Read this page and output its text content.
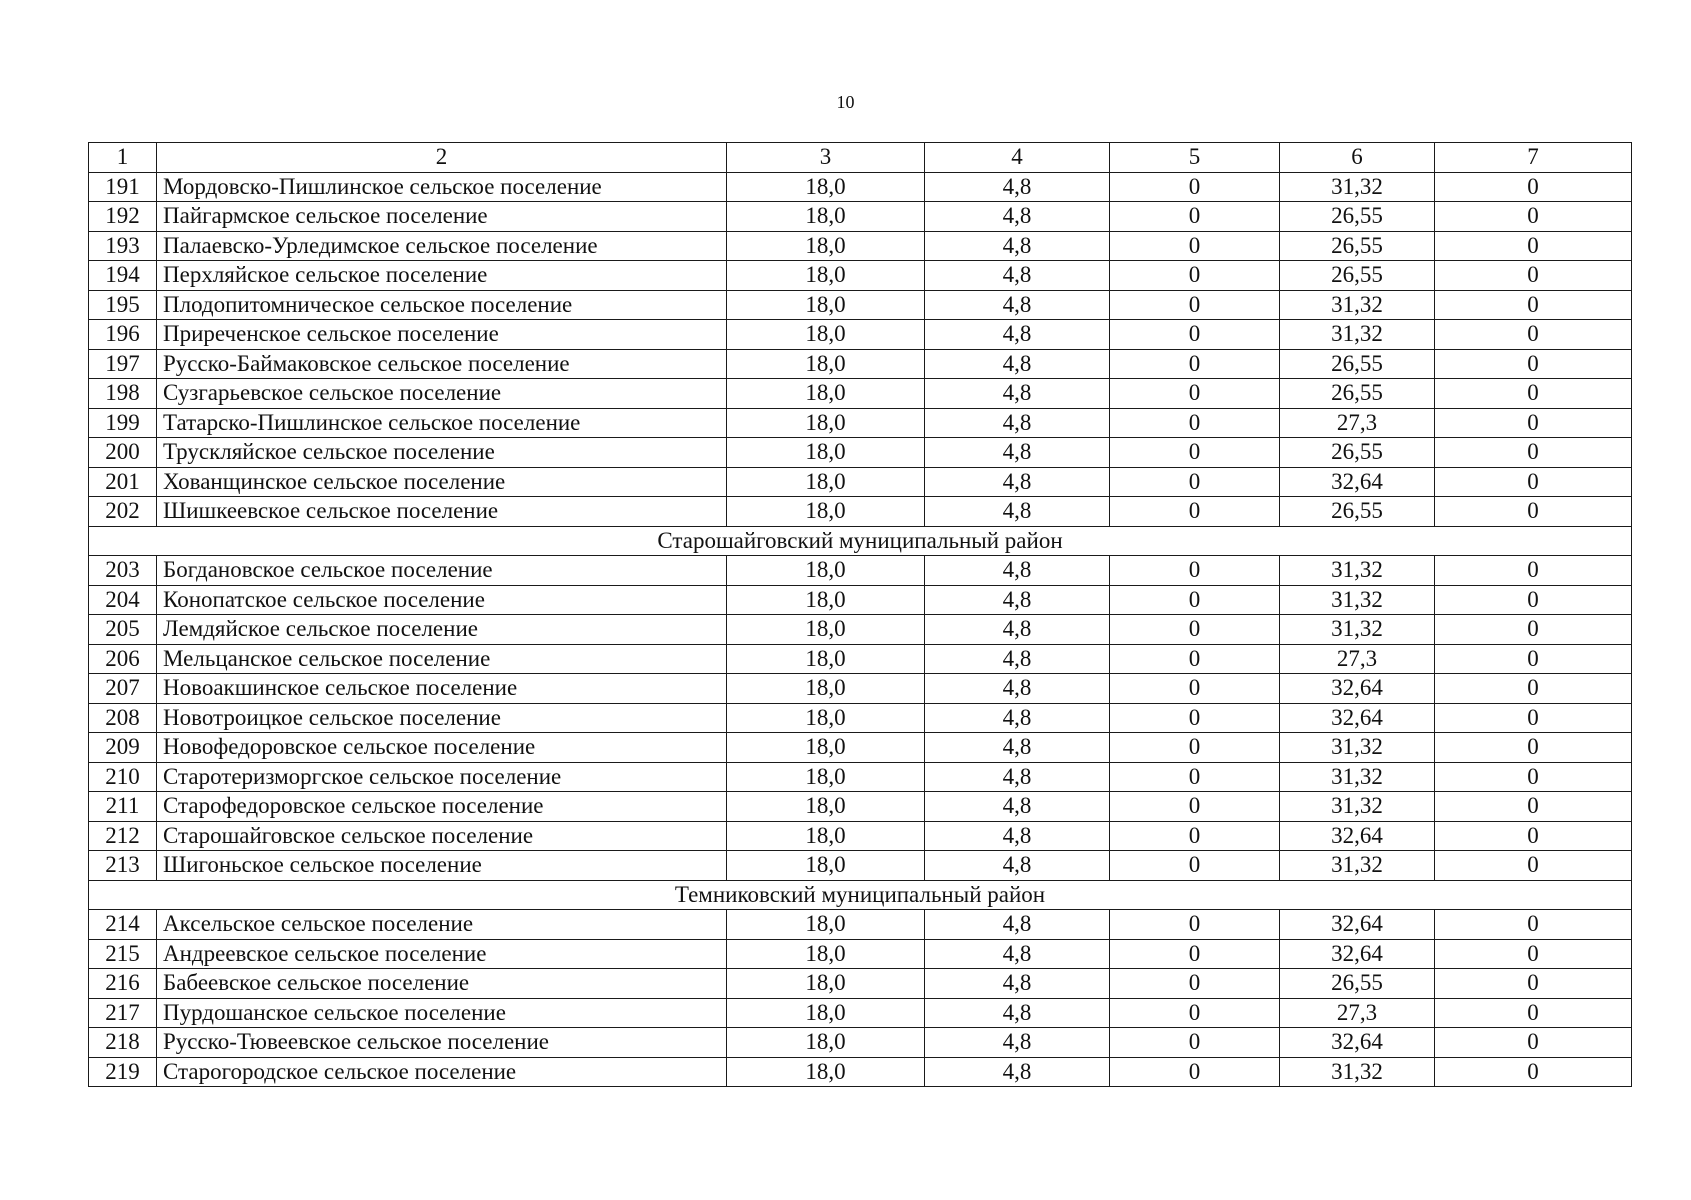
10
1	2	3	4	5	6	7
191	Мордовско-Пишлинское сельское поселение	18,0	4,8	0	31,32	0
192	Пайгармское сельское поселение	18,0	4,8	0	26,55	0
193	Палаевско-Урледимское сельское поселение	18,0	4,8	0	26,55	0
194	Перхляйское сельское поселение	18,0	4,8	0	26,55	0
195	Плодопитомническое сельское поселение	18,0	4,8	0	31,32	0
196	Приреченское сельское поселение	18,0	4,8	0	31,32	0
197	Русско-Баймаковское сельское поселение	18,0	4,8	0	26,55	0
198	Сузгарьевское сельское поселение	18,0	4,8	0	26,55	0
199	Татарско-Пишлинское сельское поселение	18,0	4,8	0	27,3	0
200	Трускляйское сельское поселение	18,0	4,8	0	26,55	0
201	Хованщинское сельское поселение	18,0	4,8	0	32,64	0
202	Шишкеевское сельское поселение	18,0	4,8	0	26,55	0
Старошайговский муниципальный район						
203	Богдановское сельское поселение	18,0	4,8	0	31,32	0
204	Конопатское сельское поселение	18,0	4,8	0	31,32	0
205	Лемдяйское сельское поселение	18,0	4,8	0	31,32	0
206	Мельцанское сельское поселение	18,0	4,8	0	27,3	0
207	Новоакшинское сельское поселение	18,0	4,8	0	32,64	0
208	Новотроицкое сельское поселение	18,0	4,8	0	32,64	0
209	Новофедоровское сельское поселение	18,0	4,8	0	31,32	0
210	Старотеризморгское сельское поселение	18,0	4,8	0	31,32	0
211	Старофедоровское сельское поселение	18,0	4,8	0	31,32	0
212	Старошайговское сельское поселение	18,0	4,8	0	32,64	0
213	Шигоньское сельское поселение	18,0	4,8	0	31,32	0
Темниковский муниципальный район						
214	Аксельское сельское поселение	18,0	4,8	0	32,64	0
215	Андреевское сельское поселение	18,0	4,8	0	32,64	0
216	Бабеевское сельское поселение	18,0	4,8	0	26,55	0
217	Пурдошанское сельское поселение	18,0	4,8	0	27,3	0
218	Русско-Тювеевское сельское поселение	18,0	4,8	0	32,64	0
219	Старогородское сельское поселение	18,0	4,8	0	31,32	0
